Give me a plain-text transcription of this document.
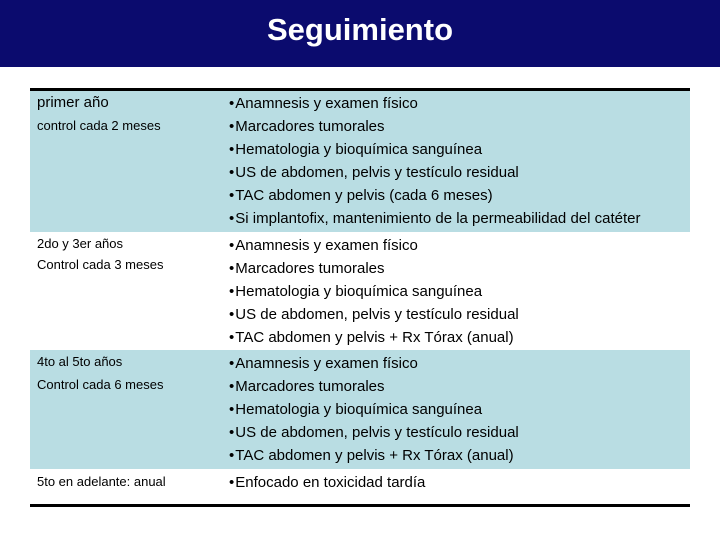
Seguimiento
primer año
control cada 2 meses
• Anamnesis y examen físico
• Marcadores tumorales
• Hematologia y bioquímica sanguínea
• US de abdomen, pelvis y testículo residual
• TAC abdomen y pelvis (cada 6 meses)
• Si implantofix, mantenimiento de la permeabilidad del catéter
2do y 3er años
Control cada 3 meses
• Anamnesis y examen físico
• Marcadores tumorales
• Hematologia y bioquímica sanguínea
• US de abdomen, pelvis y testículo residual
• TAC abdomen y pelvis + Rx Tórax (anual)
4to al 5to años
Control cada 6 meses
• Anamnesis y examen físico
• Marcadores tumorales
• Hematologia y bioquímica sanguínea
• US de abdomen, pelvis y testículo residual
• TAC abdomen y pelvis + Rx Tórax (anual)
5to en adelante: anual
•	Enfocado en toxicidad tardía
